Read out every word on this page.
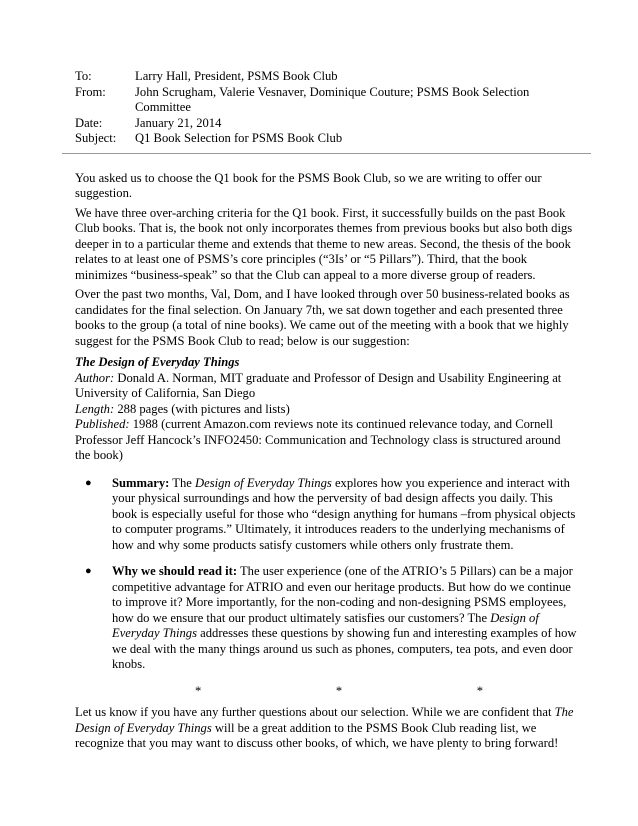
To:	Larry Hall, President, PSMS Book Club
From:	John Scrugham, Valerie Vesnaver, Dominique Couture; PSMS Book Selection Committee
Date:	January 21, 2014
Subject:	Q1 Book Selection for PSMS Book Club

You asked us to choose the Q1 book for the PSMS Book Club, so we are writing to offer our suggestion.

We have three over-arching criteria for the Q1 book. First, it successfully builds on the past Book Club books. That is, the book not only incorporates themes from previous books but also both digs deeper in to a particular theme and extends that theme to new areas. Second, the thesis of the book relates to at least one of PSMS’s core principles (“3Is’ or “5 Pillars”). Third, that the book minimizes “business-speak” so that the Club can appeal to a more diverse group of readers.

Over the past two months, Val, Dom, and I have looked through over 50 business-related books as candidates for the final selection. On January 7th, we sat down together and each presented three books to the group (a total of nine books). We came out of the meeting with a book that we highly suggest for the PSMS Book Club to read; below is our suggestion:

The Design of Everyday Things
Author: Donald A. Norman, MIT graduate and Professor of Design and Usability Engineering at University of California, San Diego
Length: 288 pages (with pictures and lists)
Published: 1988 (current Amazon.com reviews note its continued relevance today, and Cornell Professor Jeff Hancock’s INFO2450: Communication and Technology class is structured around the book)
● Summary: The Design of Everyday Things explores how you experience and interact with your physical surroundings and how the perversity of bad design affects you daily. This book is especially useful for those who “design anything for humans –from physical objects to computer programs.” Ultimately, it introduces readers to the underlying mechanisms of how and why some products satisfy customers while others only frustrate them.
● Why we should read it: The user experience (one of the ATRIO’s 5 Pillars) can be a major competitive advantage for ATRIO and even our heritage products. But how do we continue to improve it? More importantly, for the non-coding and non-designing PSMS employees, how do we ensure that our product ultimately satisfies our customers? The Design of Everyday Things addresses these questions by showing fun and interesting examples of how we deal with the many things around us such as phones, computers, tea pots, and even door knobs.
*	*	*

Let us know if you have any further questions about our selection. While we are confident that The Design of Everyday Things will be a great addition to the PSMS Book Club reading list, we recognize that you may want to discuss other books, of which, we have plenty to bring forward!
